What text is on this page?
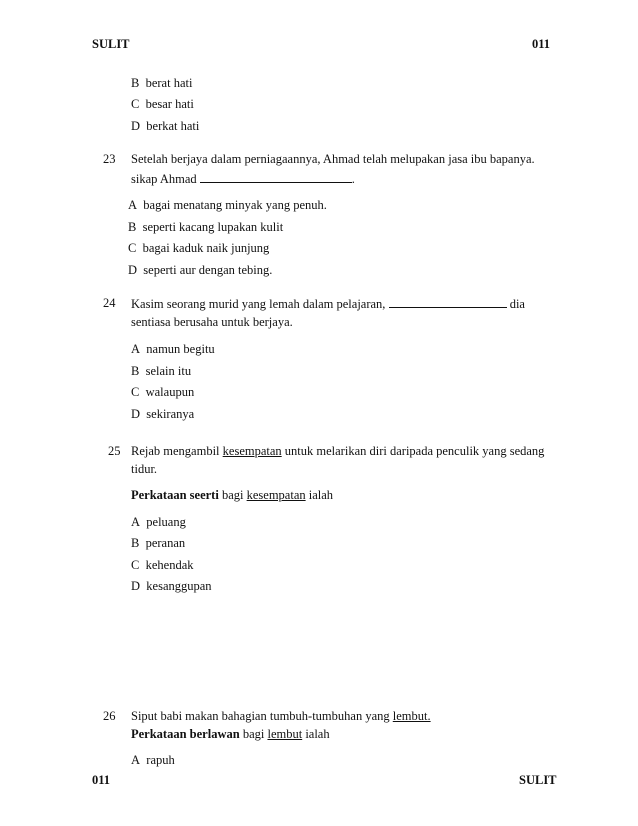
SULIT	011
B berat hati
C besar hati
D berkat hati
23 Setelah berjaya dalam perniagaannya, Ahmad telah melupakan jasa ibu bapanya.
sikap Ahmad	.
A bagai menatang minyak yang penuh.
B seperti kacang lupakan kulit
C bagai kaduk naik junjung
D seperti aur dengan tebing.
24 Kasim seorang murid yang lemah dalam pelajaran,	dia
sentiasa berusaha untuk berjaya.
A namun begitu
B selain itu
C walaupun
D sekiranya
25 Rejab mengambil kesempatan untuk melarikan diri daripada penculik yang sedang
tidur.
Perkataan seerti bagi kesempatan ialah
A peluang
B peranan
C kehendak
D kesanggupan
26 Siput babi makan bahagian tumbuh-tumbuhan yang lembut.
Perkataan berlawan bagi lembut ialah
A rapuh
011	SULIT
